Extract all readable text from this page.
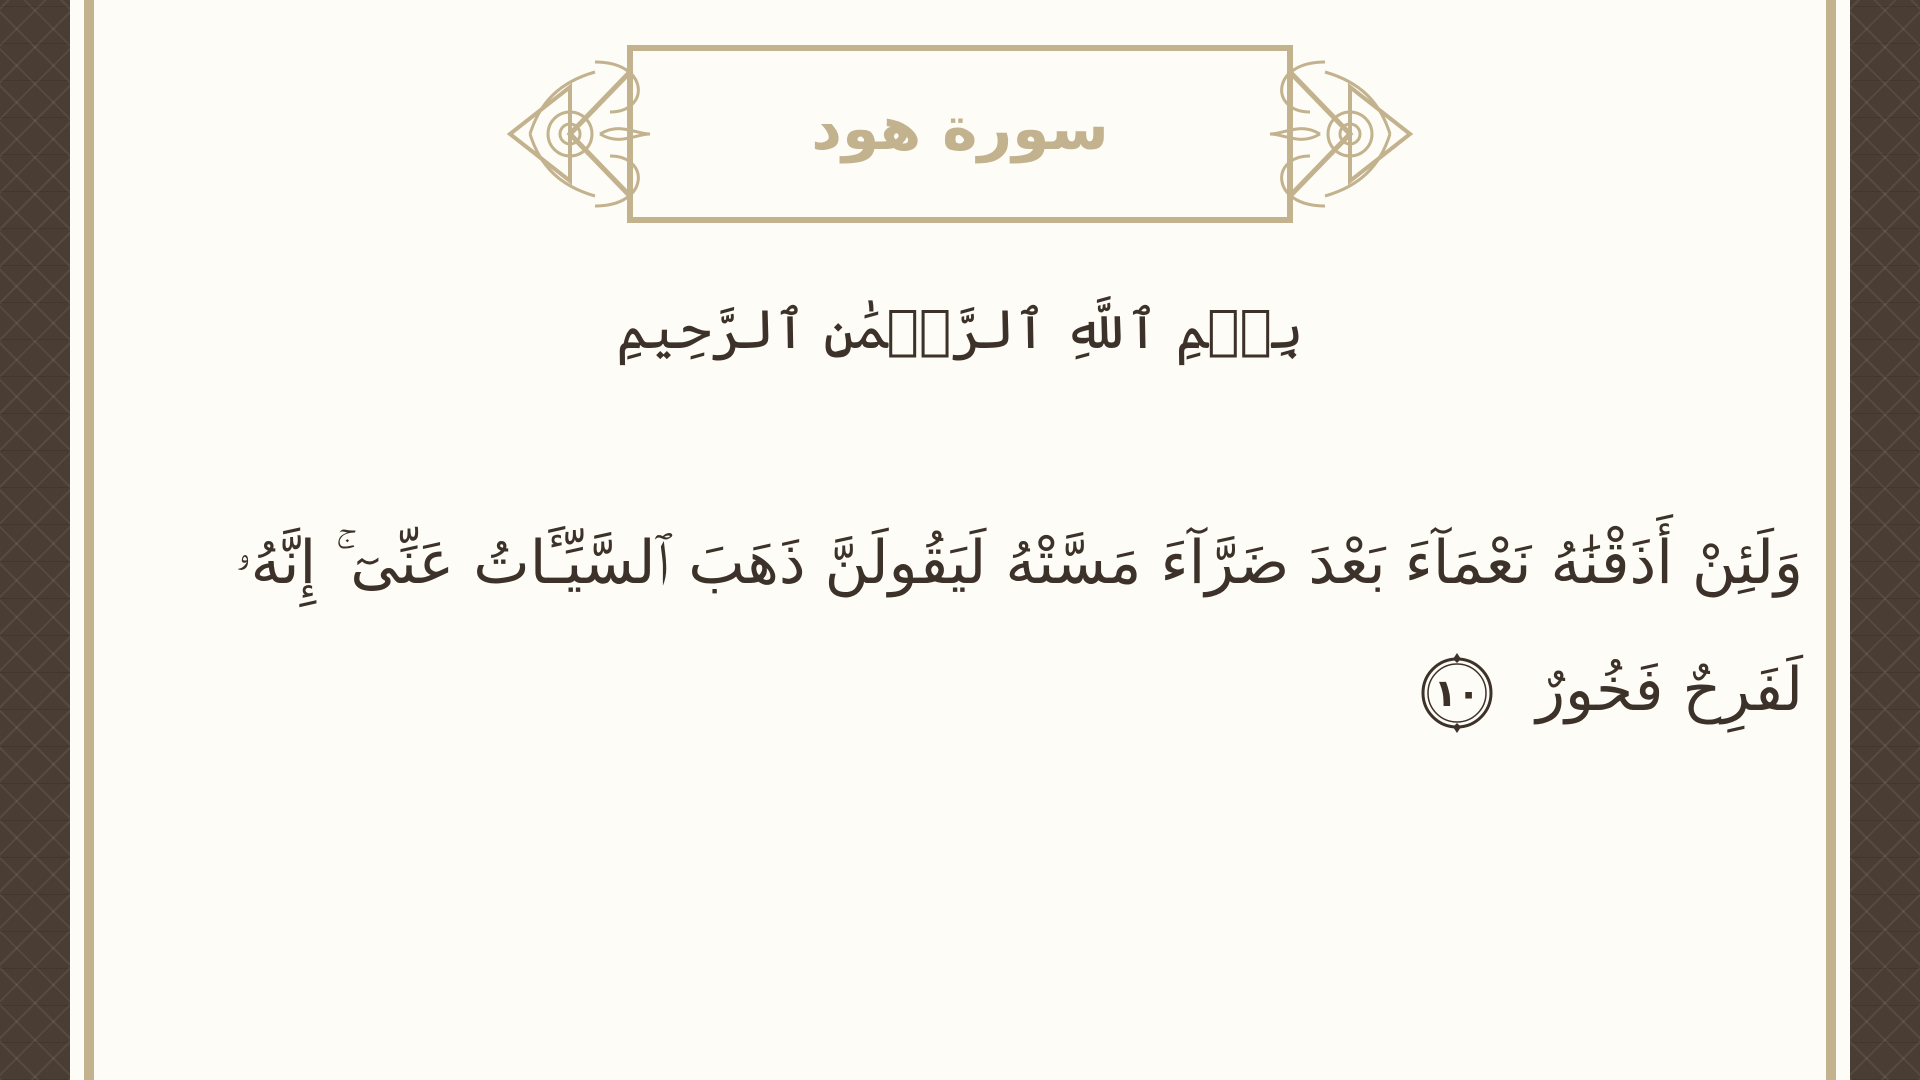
سورة هود
بِسۡمِ ٱللَّهِ ٱلرَّحۡمَٰنِ ٱلرَّحِيمِ
وَلَئِنْ أَذَقْنَٰهُ نَعْمَآءَ بَعْدَ ضَرَّآءَ مَسَّتْهُ لَيَقُولَنَّ ذَهَبَ ٱلسَّيِّـَٔاتُ عَنِّىٓ ۚ إِنَّهُۥ لَفَرِحٌ فَخُورٌ
١٠
